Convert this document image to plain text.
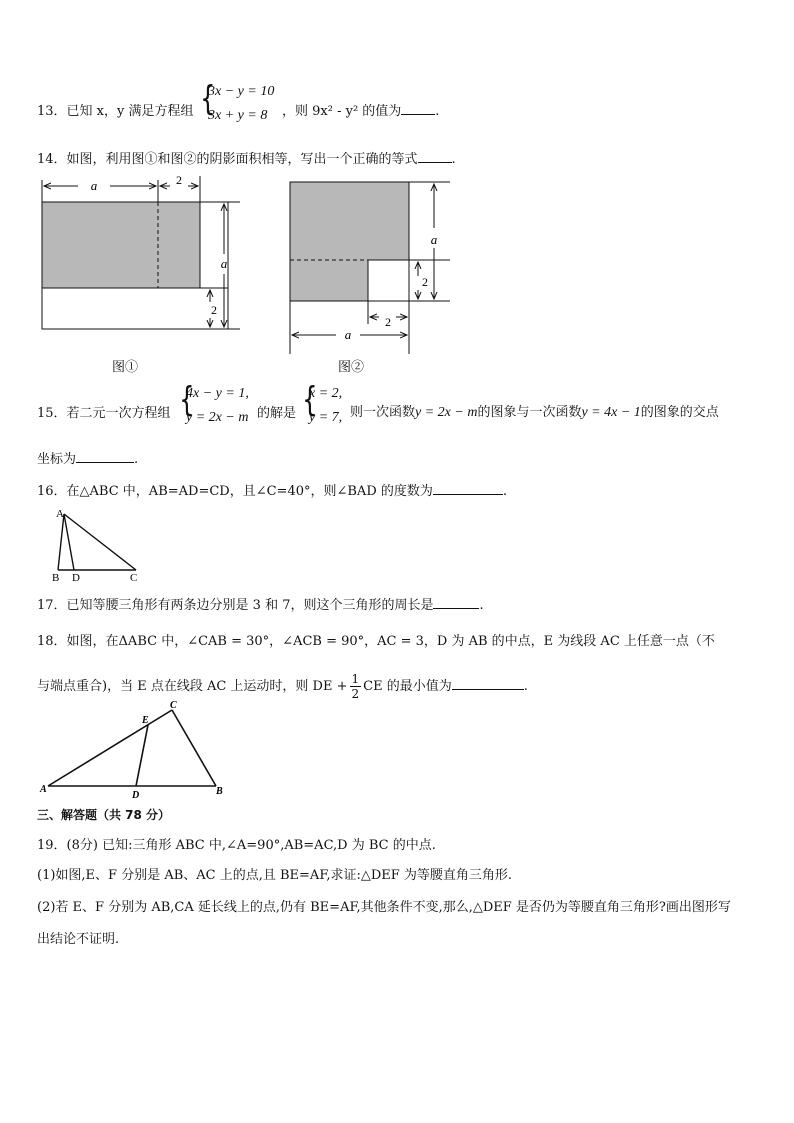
13．已知 x，y 满足方程组 {
3x − y = 10
3x + y = 8 ，则 9x² - y² 的值为	.
14．如图，利用图①和图②的阴影面积相等，写出一个正确的等式	.
a	2
a
2
图①
a
2
2
a
图②
15．若二元一次方程组 {
4x − y = 1,
y = 2x − m 的解是 {
x = 2,
y = 7, 则一次函数y = 2x − m的图象与一次函数y = 4x − 1的图象的交点
坐标为	.
16．在△ABC 中，AB=AD=CD，且∠C=40°，则∠BAD 的度数为	.
A
B D	C
17．已知等腰三角形有两条边分别是 3 和 7，则这个三角形的周长是	.
18．如图，在ΔABC 中，∠CAB = 30°，∠ACB = 90°，AC = 3，D 为 AB 的中点，E 为线段 AC 上任意一点（不
与端点重合)，当 E 点在线段 AC 上运动时，则 DE + $\frac{1}{2}$ CE 的最小值为	.
A
E
C
D	B
三、解答题（共 78 分）
19．(8分) 已知:三角形 ABC 中,∠A=90°,AB=AC,D 为 BC 的中点.
(1)如图,E、F 分别是 AB、AC 上的点,且 BE=AF,求证:△DEF 为等腰直角三角形.
(2)若 E、F 分别为 AB,CA 延长线上的点,仍有 BE=AF,其他条件不变,那么,△DEF 是否仍为等腰直角三角形?画出图形写
出结论不证明.
